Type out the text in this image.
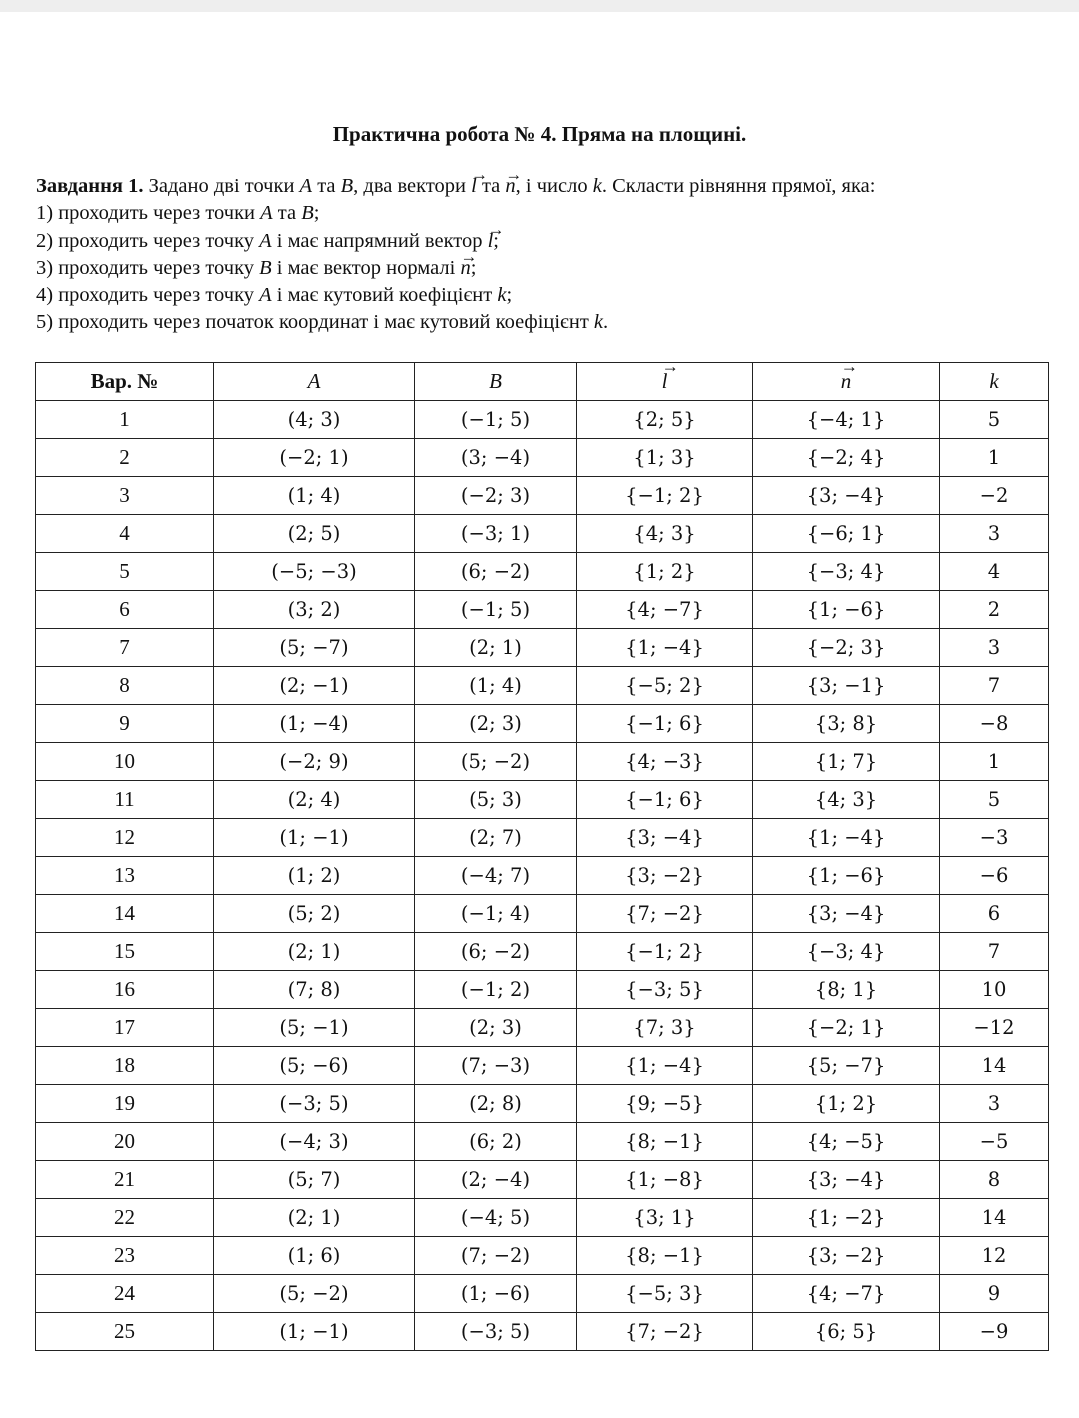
Практична робота № 4. Пряма на площині.
Завдання 1. Задано дві точки A та B, два вектори → l та → n, і число k. Скласти рівняння прямої, яка:
1) проходить через точки A та B;
2) проходить через точку A і має напрямний вектор → l;
3) проходить через точку B і має вектор нормалі → n;
4) проходить через точку A і має кутовий коефіцієнт k;
5) проходить через початок координат і має кутовий коефіцієнт k.
Вар. №	A	B	→ l	→ n	k
1	(4; 3)	(−1; 5)	{2; 5}	{−4; 1}	5
2	(−2; 1)	(3; −4)	{1; 3}	{−2; 4}	1
3	(1; 4)	(−2; 3)	{−1; 2}	{3; −4}	−2
4	(2; 5)	(−3; 1)	{4; 3}	{−6; 1}	3
5	(−5; −3)	(6; −2)	{1; 2}	{−3; 4}	4
6	(3; 2)	(−1; 5)	{4; −7}	{1; −6}	2
7	(5; −7)	(2; 1)	{1; −4}	{−2; 3}	3
8	(2; −1)	(1; 4)	{−5; 2}	{3; −1}	7
9	(1; −4)	(2; 3)	{−1; 6}	{3; 8}	−8
10	(−2; 9)	(5; −2)	{4; −3}	{1; 7}	1
11	(2; 4)	(5; 3)	{−1; 6}	{4; 3}	5
12	(1; −1)	(2; 7)	{3; −4}	{1; −4}	−3
13	(1; 2)	(−4; 7)	{3; −2}	{1; −6}	−6
14	(5; 2)	(−1; 4)	{7; −2}	{3; −4}	6
15	(2; 1)	(6; −2)	{−1; 2}	{−3; 4}	7
16	(7; 8)	(−1; 2)	{−3; 5}	{8; 1}	10
17	(5; −1)	(2; 3)	{7; 3}	{−2; 1}	−12
18	(5; −6)	(7; −3)	{1; −4}	{5; −7}	14
19	(−3; 5)	(2; 8)	{9; −5}	{1; 2}	3
20	(−4; 3)	(6; 2)	{8; −1}	{4; −5}	−5
21	(5; 7)	(2; −4)	{1; −8}	{3; −4}	8
22	(2; 1)	(−4; 5)	{3; 1}	{1; −2}	14
23	(1; 6)	(7; −2)	{8; −1}	{3; −2}	12
24	(5; −2)	(1; −6)	{−5; 3}	{4; −7}	9
25	(1; −1)	(−3; 5)	{7; −2}	{6; 5}	−9
